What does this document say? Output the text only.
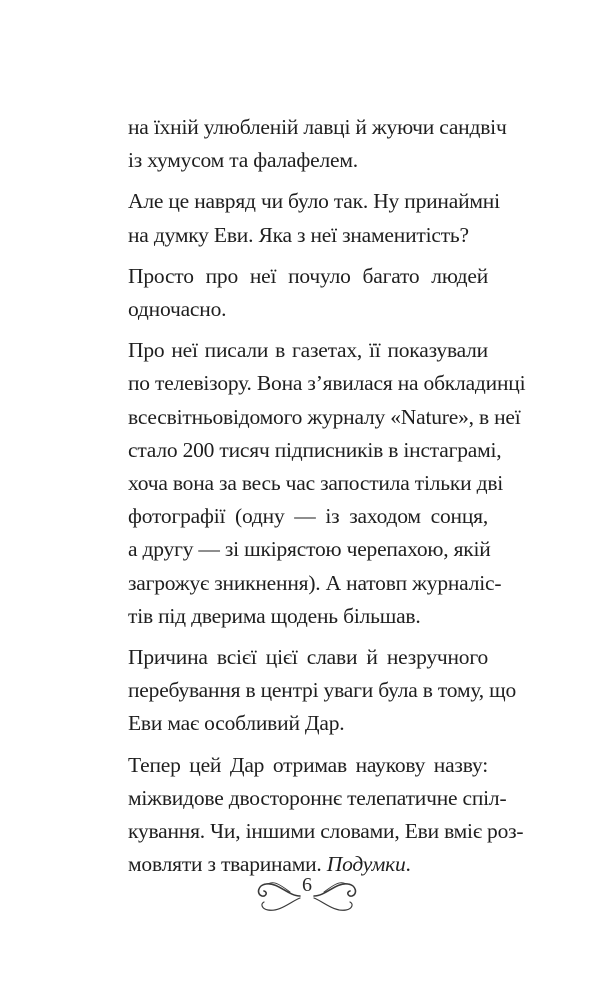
на їхній улюбленій лавці й жуючи сандвіч
із хумусом та фалафелем.
Але це навряд чи було так. Ну принаймні
на думку Еви. Яка з неї знаменитість?
Просто про неї почуло багато людей
одночасно.
Про неї писали в газетах, її показували
по телевізору. Вона з’явилася на обкладинці
всесвітньовідомого журналу «Nature», в неї
стало 200 тисяч підписників в інстаграмі,
хоча вона за весь час запостила тільки дві
фотографії (одну — із заходом сонця,
а другу — зі шкірястою черепахою, якій
загрожує зникнення). А натовп журналіс-
тів під дверима щодень більшав.
Причина всієї цієї слави й незручного
перебування в центрі уваги була в тому, що
Еви має особливий Дар.
Тепер цей Дар отримав наукову назву:
міжвидове двостороннє телепатичне спіл-
кування. Чи, іншими словами, Еви вміє роз-
мовляти з тваринами. Подумки.
6
